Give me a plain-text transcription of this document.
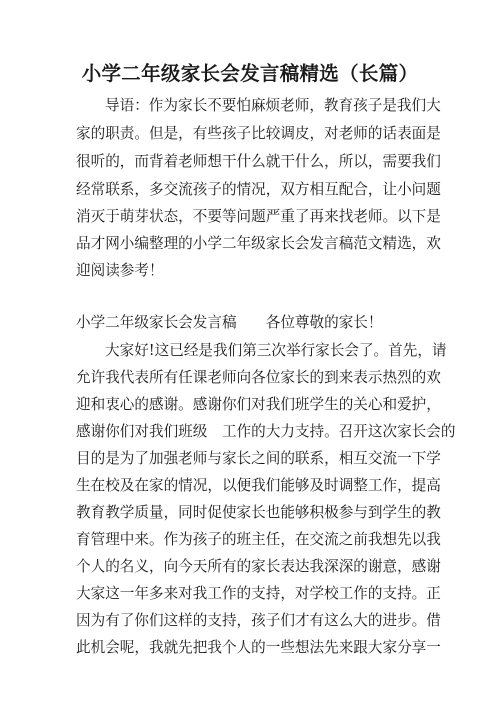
小学二年级家长会发言稿精选（长篇）
导语：作为家长不要怕麻烦老师，教育孩子是我们大
家的职责。但是，有些孩子比较调皮，对老师的话表面是
很听的，而背着老师想干什么就干什么，所以，需要我们
经常联系，多交流孩子的情况，双方相互配合，让小问题
消灭于萌芽状态，不要等问题严重了再来找老师。以下是
品才网小编整理的小学二年级家长会发言稿范文精选，欢
迎阅读参考！
小学二年级家长会发言稿　　各位尊敬的家长！
大家好!这已经是我们第三次举行家长会了。首先，请
允许我代表所有任课老师向各位家长的到来表示热烈的欢
迎和衷心的感谢。感谢你们对我们班学生的关心和爱护，
感谢你们对我们班级　工作的大力支持。召开这次家长会的
目的是为了加强老师与家长之间的联系，相互交流一下学
生在校及在家的情况，以便我们能够及时调整工作，提高
教育教学质量，同时促使家长也能够积极参与到学生的教
育管理中来。作为孩子的班主任，在交流之前我想先以我
个人的名义，向今天所有的家长表达我深深的谢意，感谢
大家这一年多来对我工作的支持，对学校工作的支持。正
因为有了你们这样的支持，孩子们才有这么大的进步。借
此机会呢，我就先把我个人的一些想法先来跟大家分享一
